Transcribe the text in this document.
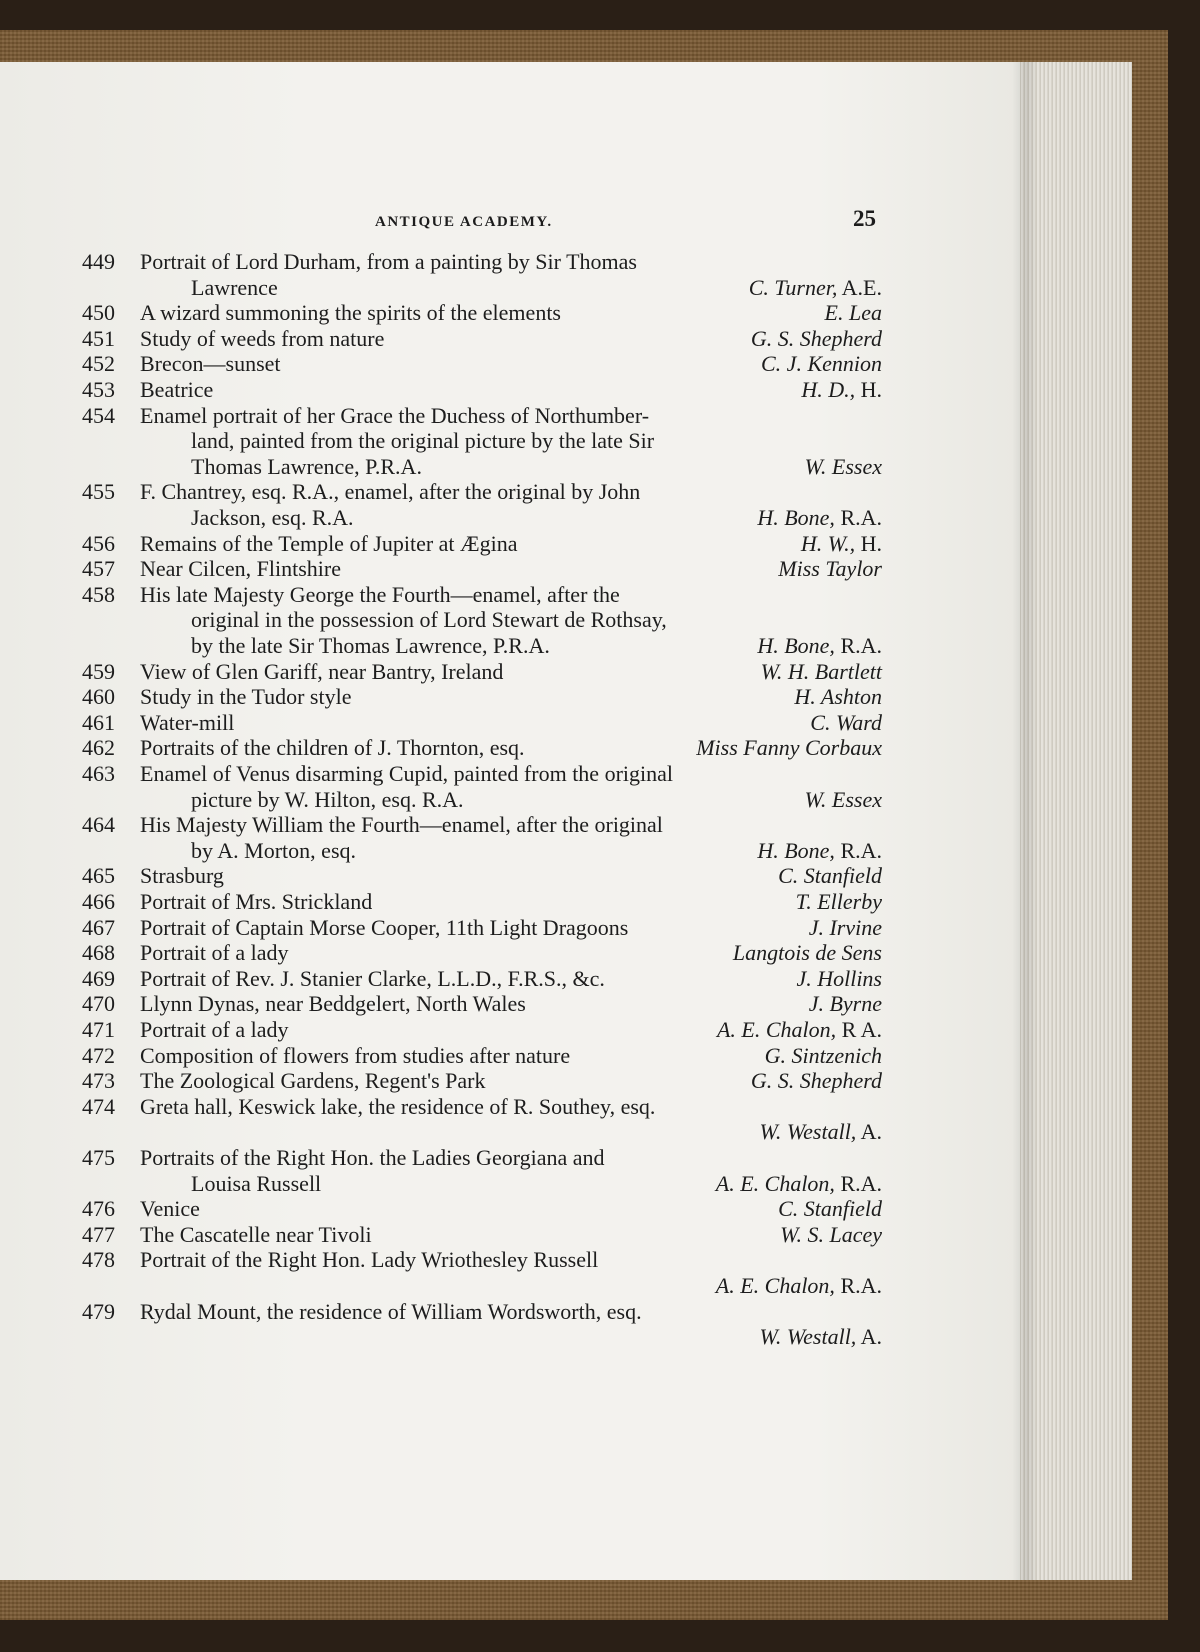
ANTIQUE ACADEMY.	25
449	Portrait of Lord Durham, from a painting by Sir Thomas
Lawrence	C. Turner, A.E.
450	A wizard summoning the spirits of the elements	E. Lea
451	Study of weeds from nature	G. S. Shepherd
452	Brecon—sunset	C. J. Kennion
453	Beatrice	H. D., H.
454	Enamel portrait of her Grace the Duchess of Northumber-
land, painted from the original picture by the late Sir
Thomas Lawrence, P.R.A.	W. Essex
455	F. Chantrey, esq. R.A., enamel, after the original by John
Jackson, esq. R.A.	H. Bone, R.A.
456	Remains of the Temple of Jupiter at Ægina	H. W., H.
457	Near Cilcen, Flintshire	Miss Taylor
458	His late Majesty George the Fourth—enamel, after the
original in the possession of Lord Stewart de Rothsay,
by the late Sir Thomas Lawrence, P.R.A.	H. Bone, R.A.
459	View of Glen Gariff, near Bantry, Ireland	W. H. Bartlett
460	Study in the Tudor style	H. Ashton
461	Water-mill	C. Ward
462	Portraits of the children of J. Thornton, esq.	Miss Fanny Corbaux
463	Enamel of Venus disarming Cupid, painted from the original
picture by W. Hilton, esq. R.A.	W. Essex
464	His Majesty William the Fourth—enamel, after the original
by A. Morton, esq.	H. Bone, R.A.
465	Strasburg	C. Stanfield
466	Portrait of Mrs. Strickland	T. Ellerby
467	Portrait of Captain Morse Cooper, 11th Light Dragoons	J. Irvine
468	Portrait of a lady	Langtois de Sens
469	Portrait of Rev. J. Stanier Clarke, L.L.D., F.R.S., &c.	J. Hollins
470	Llynn Dynas, near Beddgelert, North Wales	J. Byrne
471	Portrait of a lady	A. E. Chalon, R A.
472	Composition of flowers from studies after nature	G. Sintzenich
473	The Zoological Gardens, Regent's Park	G. S. Shepherd
474	Greta hall, Keswick lake, the residence of R. Southey, esq.
W. Westall, A.
475	Portraits of the Right Hon. the Ladies Georgiana and
Louisa Russell	A. E. Chalon, R.A.
476	Venice	C. Stanfield
477	The Cascatelle near Tivoli	W. S. Lacey
478	Portrait of the Right Hon. Lady Wriothesley Russell
A. E. Chalon, R.A.
479	Rydal Mount, the residence of William Wordsworth, esq.
W. Westall, A.
